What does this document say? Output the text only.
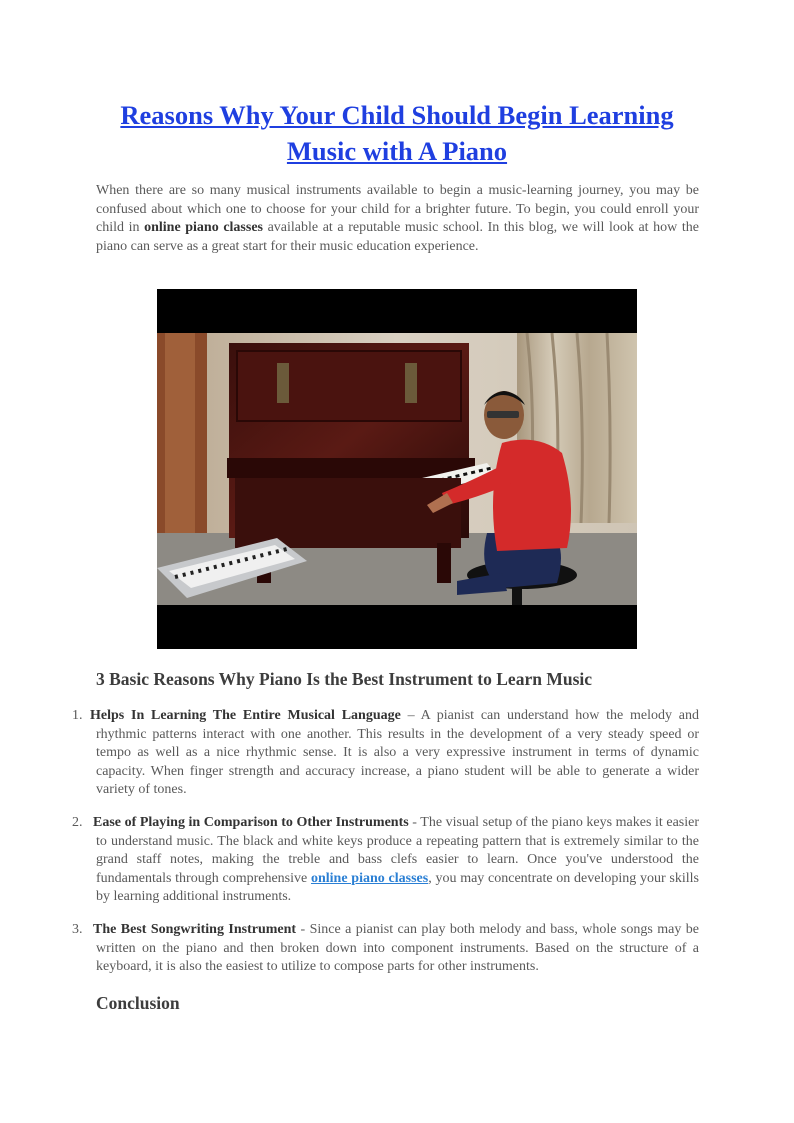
Reasons Why Your Child Should Begin Learning Music with A Piano

When there are so many musical instruments available to begin a music-learning journey, you may be confused about which one to choose for your child for a brighter future. To begin, you could enroll your child in online piano classes available at a reputable music school. In this blog, we will look at how the piano can serve as a great start for their music education experience.

3 Basic Reasons Why Piano Is the Best Instrument to Learn Music
1. Helps In Learning The Entire Musical Language – A pianist can understand how the melody and rhythmic patterns interact with one another. This results in the development of a very steady speed or tempo as well as a nice rhythmic sense. It is also a very expressive instrument in terms of dynamic capacity. When finger strength and accuracy increase, a piano student will be able to generate a wider variety of tones.

2. Ease of Playing in Comparison to Other Instruments - The visual setup of the piano keys makes it easier to understand music. The black and white keys produce a repeating pattern that is extremely similar to the grand staff notes, making the treble and bass clefs easier to learn. Once you've understood the fundamentals through comprehensive online piano classes, you may concentrate on developing your skills by learning additional instruments.

3. The Best Songwriting Instrument - Since a pianist can play both melody and bass, whole songs may be written on the piano and then broken down into component instruments. Based on the structure of a keyboard, it is also the easiest to utilize to compose parts for other instruments.

Conclusion
